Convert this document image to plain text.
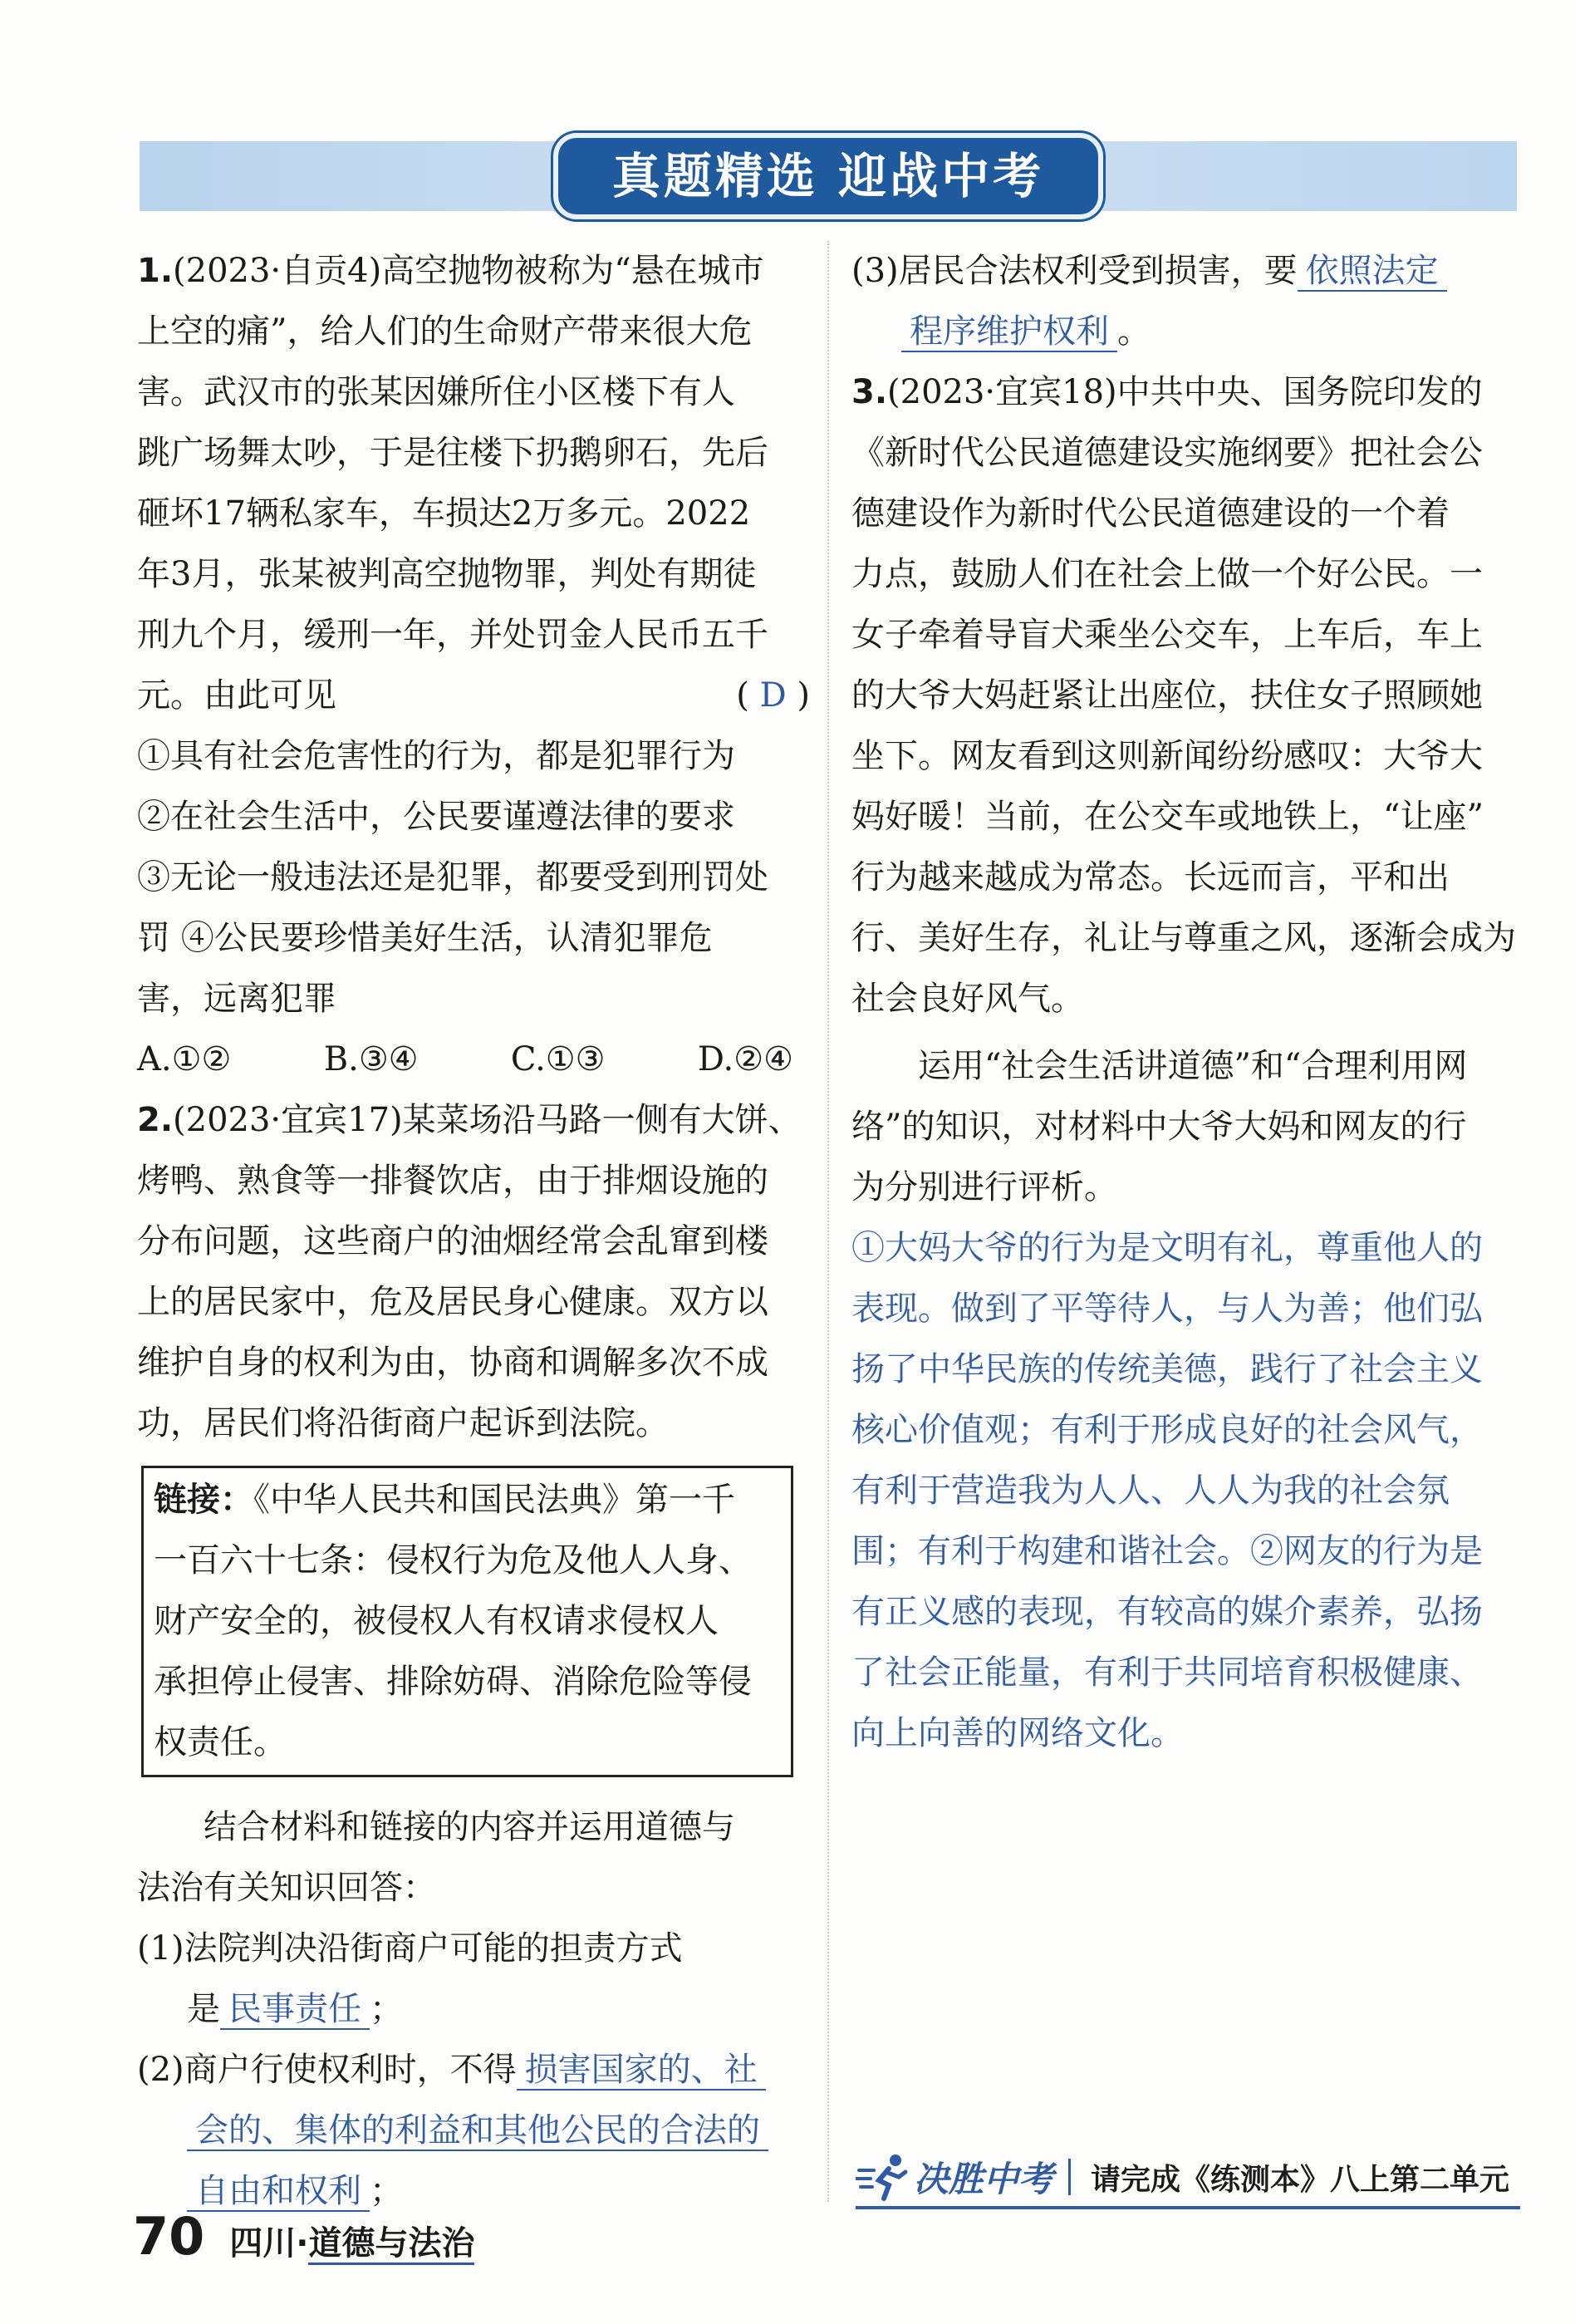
真题精选 迎战中考

1.(2023·自贡4)高空抛物被称为“悬在城市

上空的痛”，给人们的生命财产带来很大危

害。武汉市的张某因嫌所住小区楼下有人

跳广场舞太吵，于是往楼下扔鹅卵石，先后

砸坏17辆私家车，车损达2万多元。2022

年3月，张某被判高空抛物罪，判处有期徒

刑九个月，缓刑一年，并处罚金人民币五千

元。由此可见	( D )

①具有社会危害性的行为，都是犯罪行为

②在社会生活中，公民要谨遵法律的要求

③无论一般违法还是犯罪，都要受到刑罚处

罚 ④公民要珍惜美好生活，认清犯罪危

害，远离犯罪

A.①②	B.③④	C.①③	D.②④

2.(2023·宜宾17)某菜场沿马路一侧有大饼、

烤鸭、熟食等一排餐饮店，由于排烟设施的

分布问题，这些商户的油烟经常会乱窜到楼

上的居民家中，危及居民身心健康。双方以

维护自身的权利为由，协商和调解多次不成

功，居民们将沿街商户起诉到法院。

链接：《中华人民共和国民法典》第一千

一百六十七条：侵权行为危及他人人身、

财产安全的，被侵权人有权请求侵权人

承担停止侵害、排除妨碍、消除危险等侵

权责任。

结合材料和链接的内容并运用道德与

法治有关知识回答：

(1)法院判决沿街商户可能的担责方式

是 民事责任 ；

(2)商户行使权利时，不得 损害国家的、社

会的、集体的利益和其他公民的合法的

自由和权利 ；

(3)居民合法权利受到损害，要 依照法定

程序维护权利 。

3.(2023·宜宾18)中共中央、国务院印发的

《新时代公民道德建设实施纲要》把社会公

德建设作为新时代公民道德建设的一个着

力点，鼓励人们在社会上做一个好公民。一

女子牵着导盲犬乘坐公交车，上车后，车上

的大爷大妈赶紧让出座位，扶住女子照顾她

坐下。网友看到这则新闻纷纷感叹：大爷大

妈好暖！当前，在公交车或地铁上，“让座”

行为越来越成为常态。长远而言，平和出

行、美好生存，礼让与尊重之风，逐渐会成为

社会良好风气。

运用“社会生活讲道德”和“合理利用网

络”的知识，对材料中大爷大妈和网友的行

为分别进行评析。

①大妈大爷的行为是文明有礼，尊重他人的

表现。做到了平等待人，与人为善；他们弘

扬了中华民族的传统美德，践行了社会主义

核心价值观；有利于形成良好的社会风气，

有利于营造我为人人、人人为我的社会氛

围；有利于构建和谐社会。②网友的行为是

有正义感的表现，有较高的媒介素养，弘扬

了社会正能量，有利于共同培育积极健康、

向上向善的网络文化。

决胜中考 请完成《练测本》八上第二单元
70 四川·道德与法治
